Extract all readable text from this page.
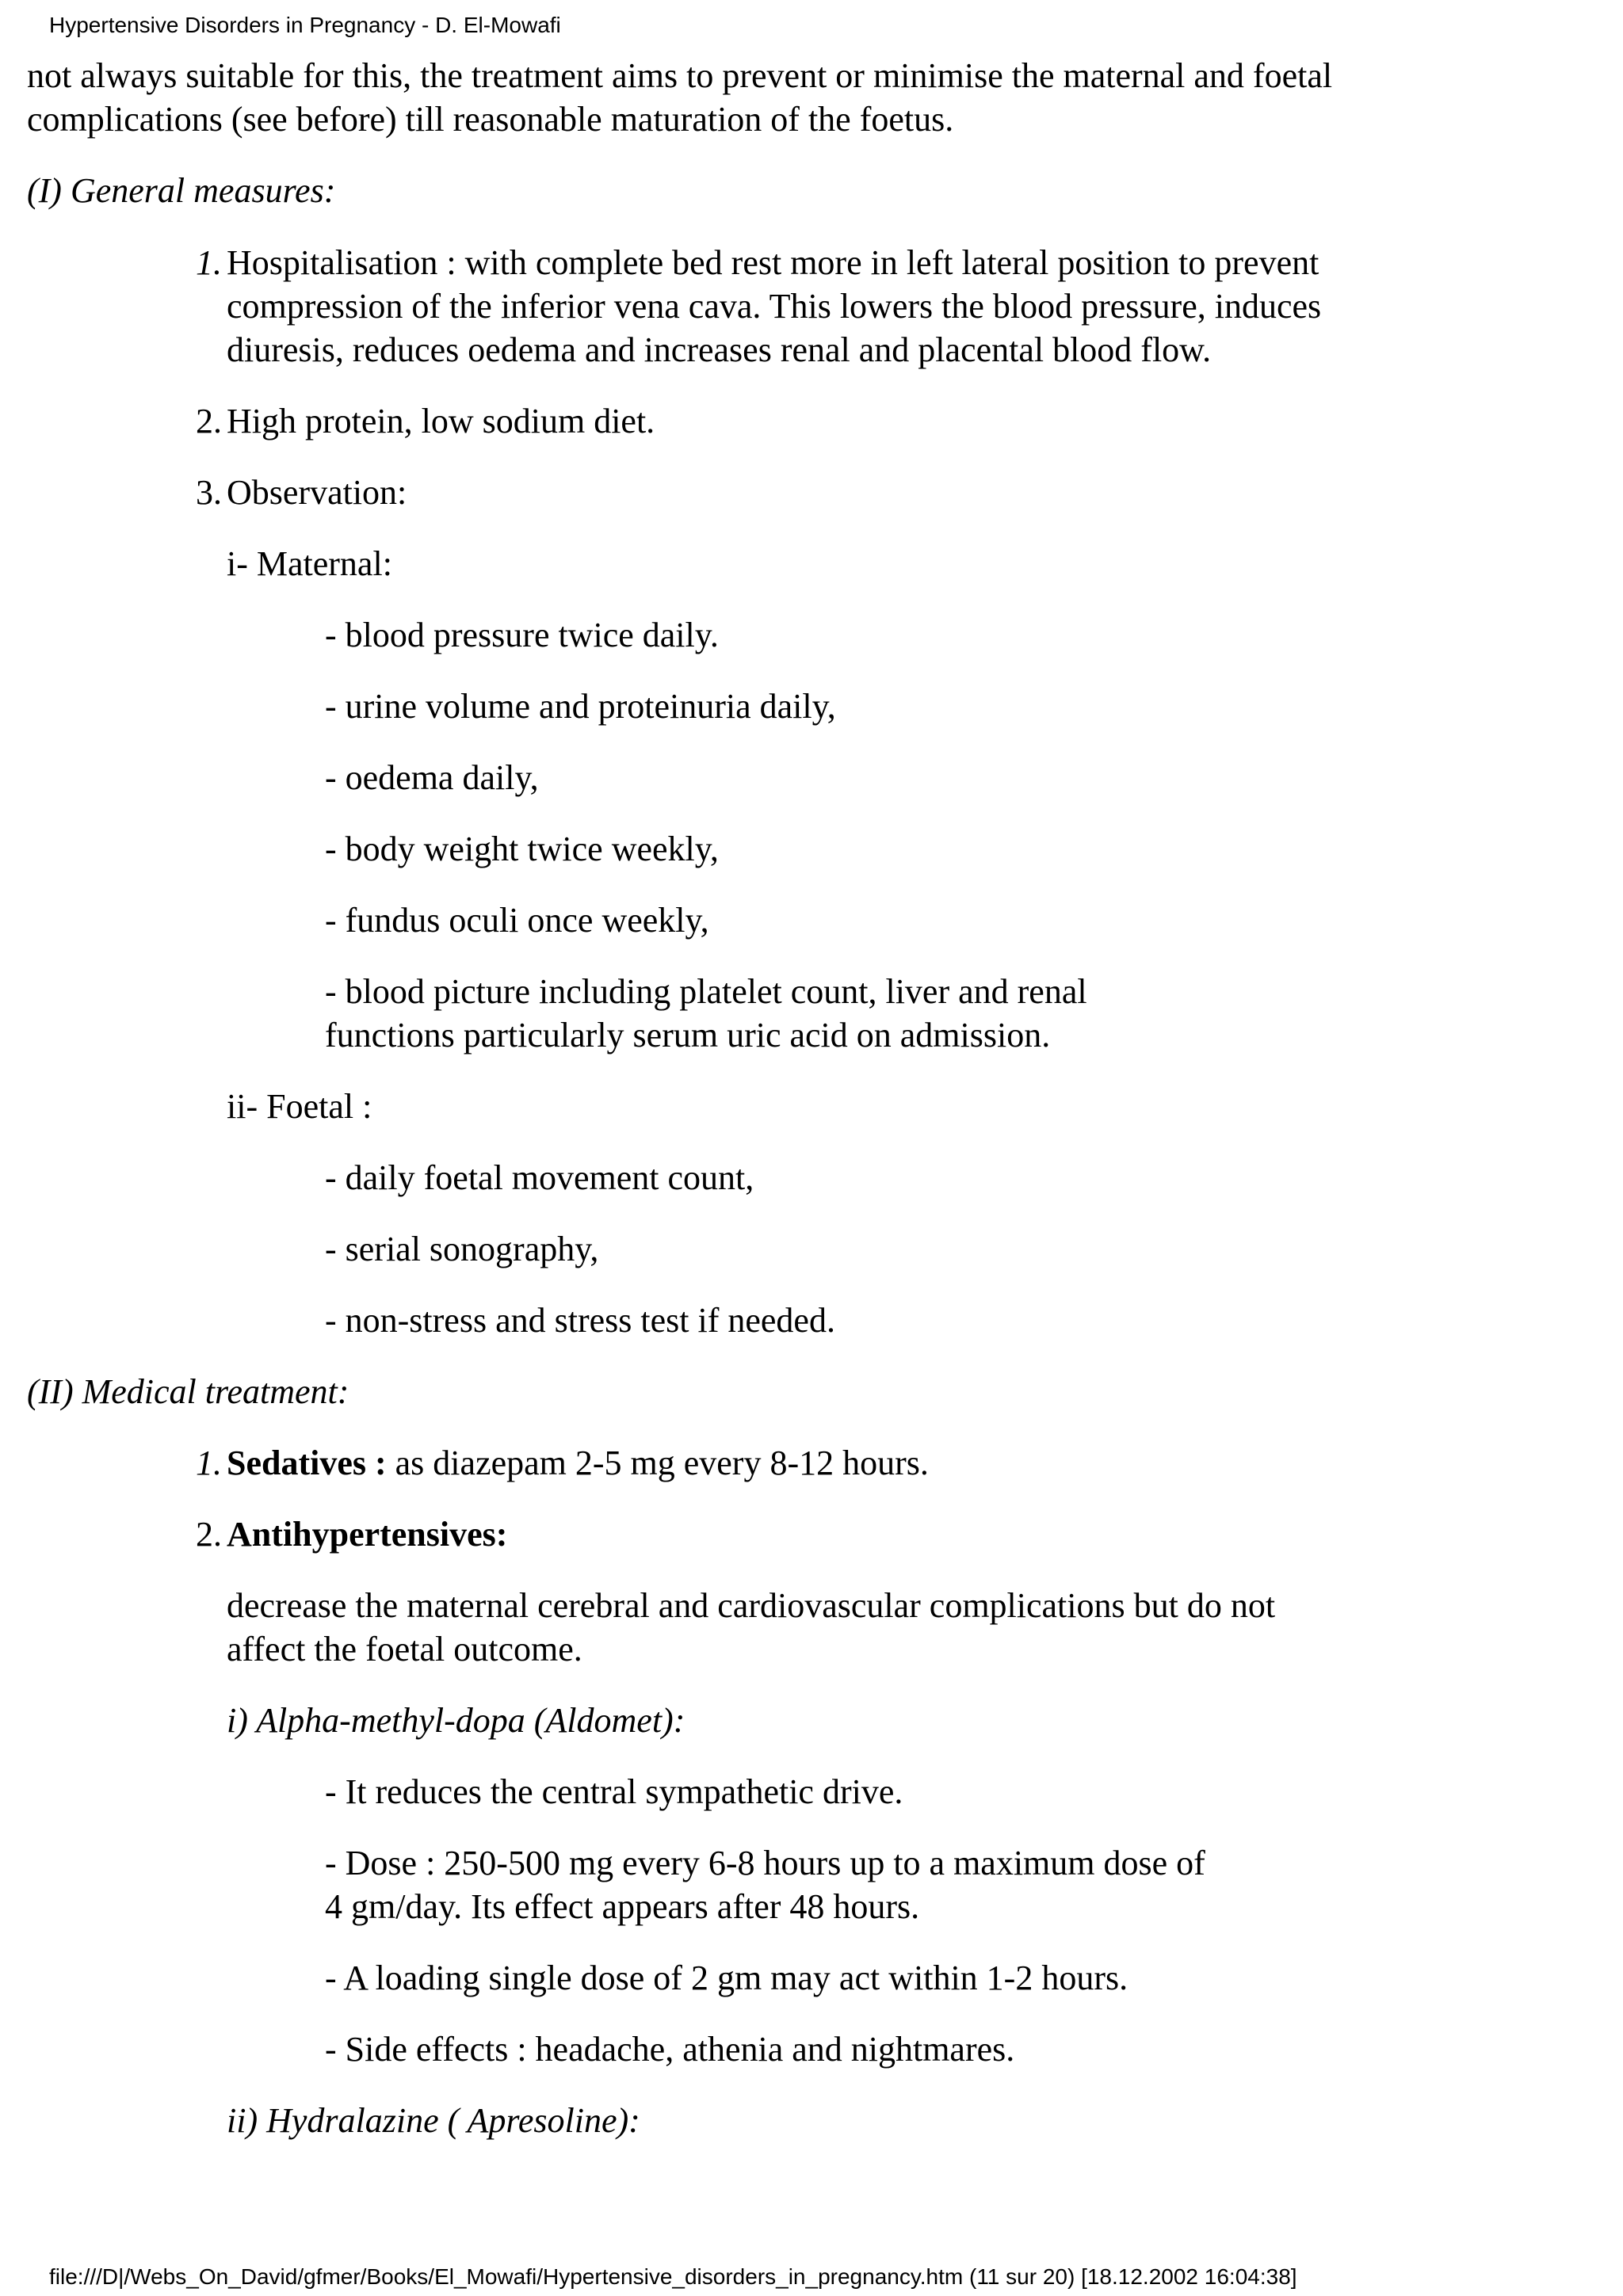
Hypertensive Disorders in Pregnancy - D. El-Mowafi
not always suitable for this, the treatment aims to prevent or minimise the maternal and foetal
complications (see before) till reasonable maturation of the foetus.
(I) General measures:
1. Hospitalisation : with complete bed rest more in left lateral position to prevent
compression of the inferior vena cava. This lowers the blood pressure, induces
diuresis, reduces oedema and increases renal and placental blood flow.
2. High protein, low sodium diet.
3. Observation:
i- Maternal:
- blood pressure twice daily.
- urine volume and proteinuria daily,
- oedema daily,
- body weight twice weekly,
- fundus oculi once weekly,
- blood picture including platelet count, liver and renal
functions particularly serum uric acid on admission.
ii- Foetal :
- daily foetal movement count,
- serial sonography,
- non-stress and stress test if needed.
(II) Medical treatment:
1. Sedatives : as diazepam 2-5 mg every 8-12 hours.
2. Antihypertensives:
decrease the maternal cerebral and cardiovascular complications but do not
affect the foetal outcome.
i) Alpha-methyl-dopa (Aldomet):
- It reduces the central sympathetic drive.
- Dose : 250-500 mg every 6-8 hours up to a maximum dose of
4 gm/day. Its effect appears after 48 hours.
- A loading single dose of 2 gm may act within 1-2 hours.
- Side effects : headache, athenia and nightmares.
ii) Hydralazine ( Apresoline):
file:///D|/Webs_On_David/gfmer/Books/El_Mowafi/Hypertensive_disorders_in_pregnancy.htm (11 sur 20) [18.12.2002 16:04:38]
